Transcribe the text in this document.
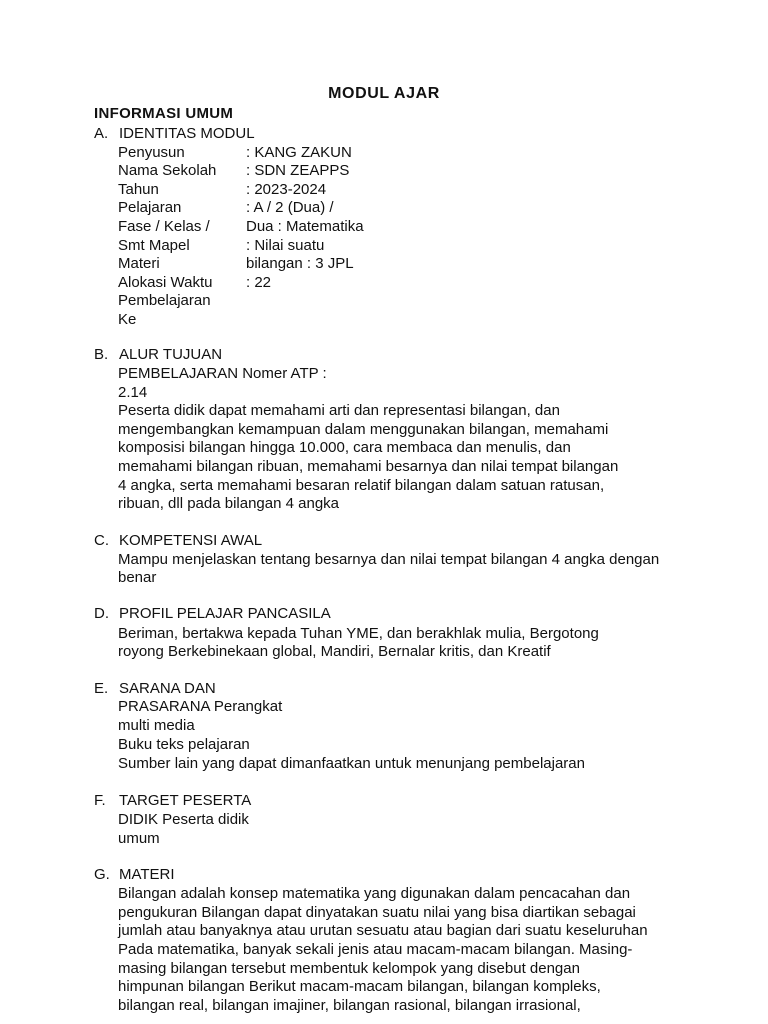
MODUL AJAR
INFORMASI UMUM
A. IDENTITAS MODUL
Penyusun	: KANG ZAKUN
Nama Sekolah : SDN ZEAPPS
Tahun	: 2023-2024
Pelajaran	: A / 2 (Dua) /
Fase / Kelas / Dua : Matematika
Smt Mapel	: Nilai suatu
Materi	bilangan : 3 JPL
Alokasi Waktu : 22
Pembelajaran
Ke
B. ALUR TUJUAN
PEMBELAJARAN Nomer ATP :
2.14
Peserta didik dapat memahami arti dan representasi bilangan, dan
mengembangkan kemampuan dalam menggunakan bilangan, memahami
komposisi bilangan hingga 10.000, cara membaca dan menulis, dan
memahami bilangan ribuan, memahami besarnya dan nilai tempat bilangan
4 angka, serta memahami besaran relatif bilangan dalam satuan ratusan,
ribuan, dll pada bilangan 4 angka
C. KOMPETENSI AWAL
Mampu menjelaskan tentang besarnya dan nilai tempat bilangan 4 angka dengan
benar
D. PROFIL PELAJAR PANCASILA
Beriman, bertakwa kepada Tuhan YME, dan berakhlak mulia, Bergotong
royong Berkebinekaan global, Mandiri, Bernalar kritis, dan Kreatif
E. SARANA DAN
PRASARANA Perangkat
multi media
Buku teks pelajaran
Sumber lain yang dapat dimanfaatkan untuk menunjang pembelajaran
F. TARGET PESERTA
DIDIK Peserta didik
umum
G. MATERI
Bilangan adalah konsep matematika yang digunakan dalam pencacahan dan
pengukuran Bilangan dapat dinyatakan suatu nilai yang bisa diartikan sebagai
jumlah atau banyaknya atau urutan sesuatu atau bagian dari suatu keseluruhan
Pada matematika, banyak sekali jenis atau macam-macam bilangan. Masing-
masing bilangan tersebut membentuk kelompok yang disebut dengan
himpunan bilangan Berikut macam-macam bilangan, bilangan kompleks,
bilangan real, bilangan imajiner, bilangan rasional, bilangan irrasional,
